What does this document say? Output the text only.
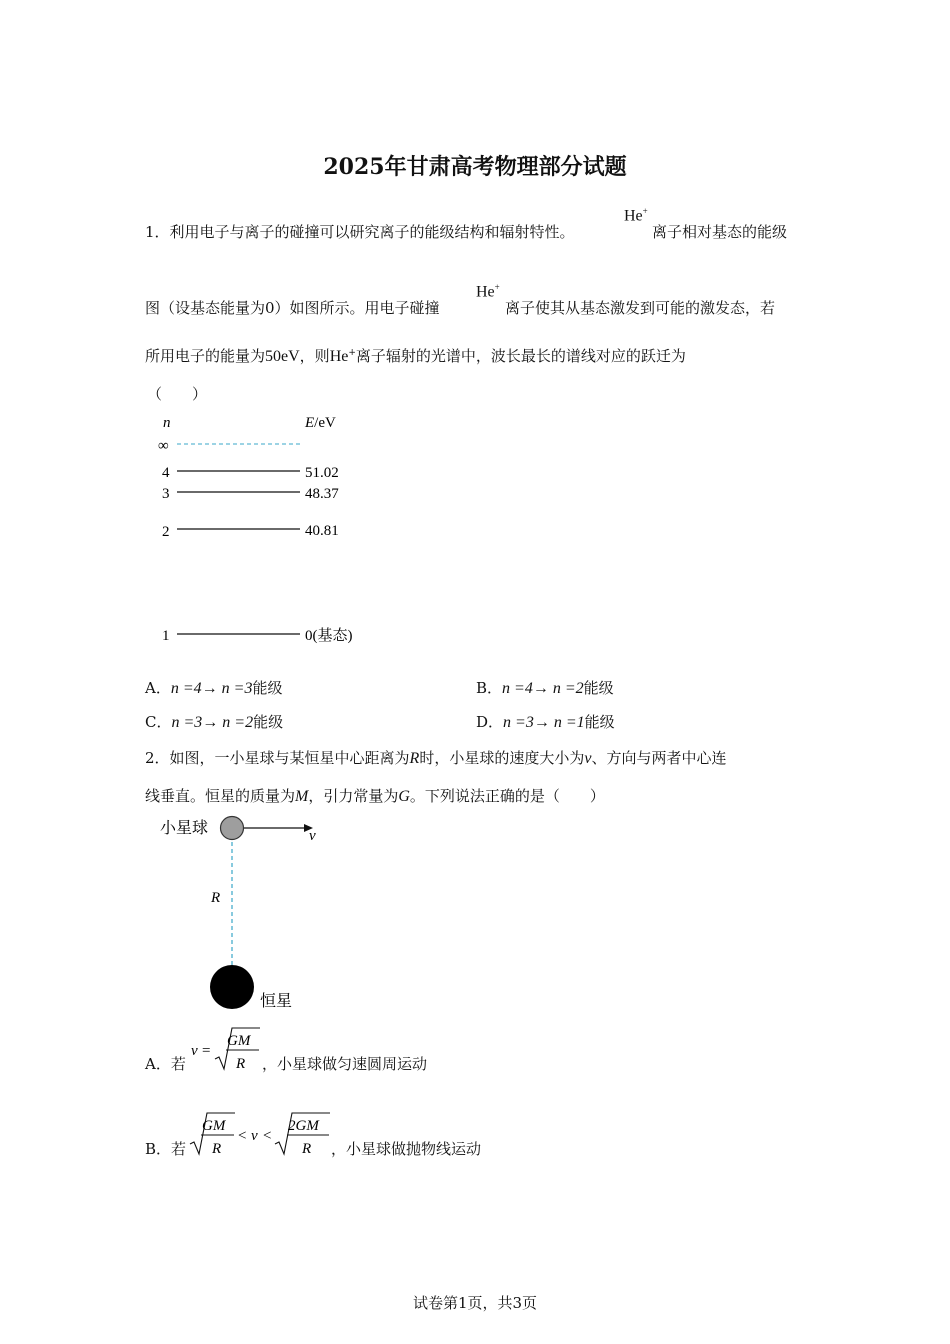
2025年甘肃高考物理部分试题
1．利用电子与离子的碰撞可以研究离子的能级结构和辐射特性。
He+
离子相对基态的能级
图（设基态能量为0）如图所示。用电子碰撞
He+
离子使其从基态激发到可能的激发态，若
所用电子的能量为50eV，则He+离子辐射的光谱中，波长最长的谱线对应的跃迁为
（　　）
n	E/eV
∞
4	51.02
3	48.37
2	40.81
1	0(基态)
A．n =4→ n =3能级	B．n =4→ n =2能级
C．n =3→ n =2能级	D．n =3→ n =1能级
2．如图，一小星球与某恒星中心距离为R时，小星球的速度大小为v、方向与两者中心连
线垂直。恒星的质量为M，引力常量为G。下列说法正确的是（　　）
小星球	v
R
恒星
A．若
v =
GM
R ，小星球做匀速圆周运动
B．若
GM
R
< v <
2GM
R ，小星球做抛物线运动
试卷第1页，共3页
